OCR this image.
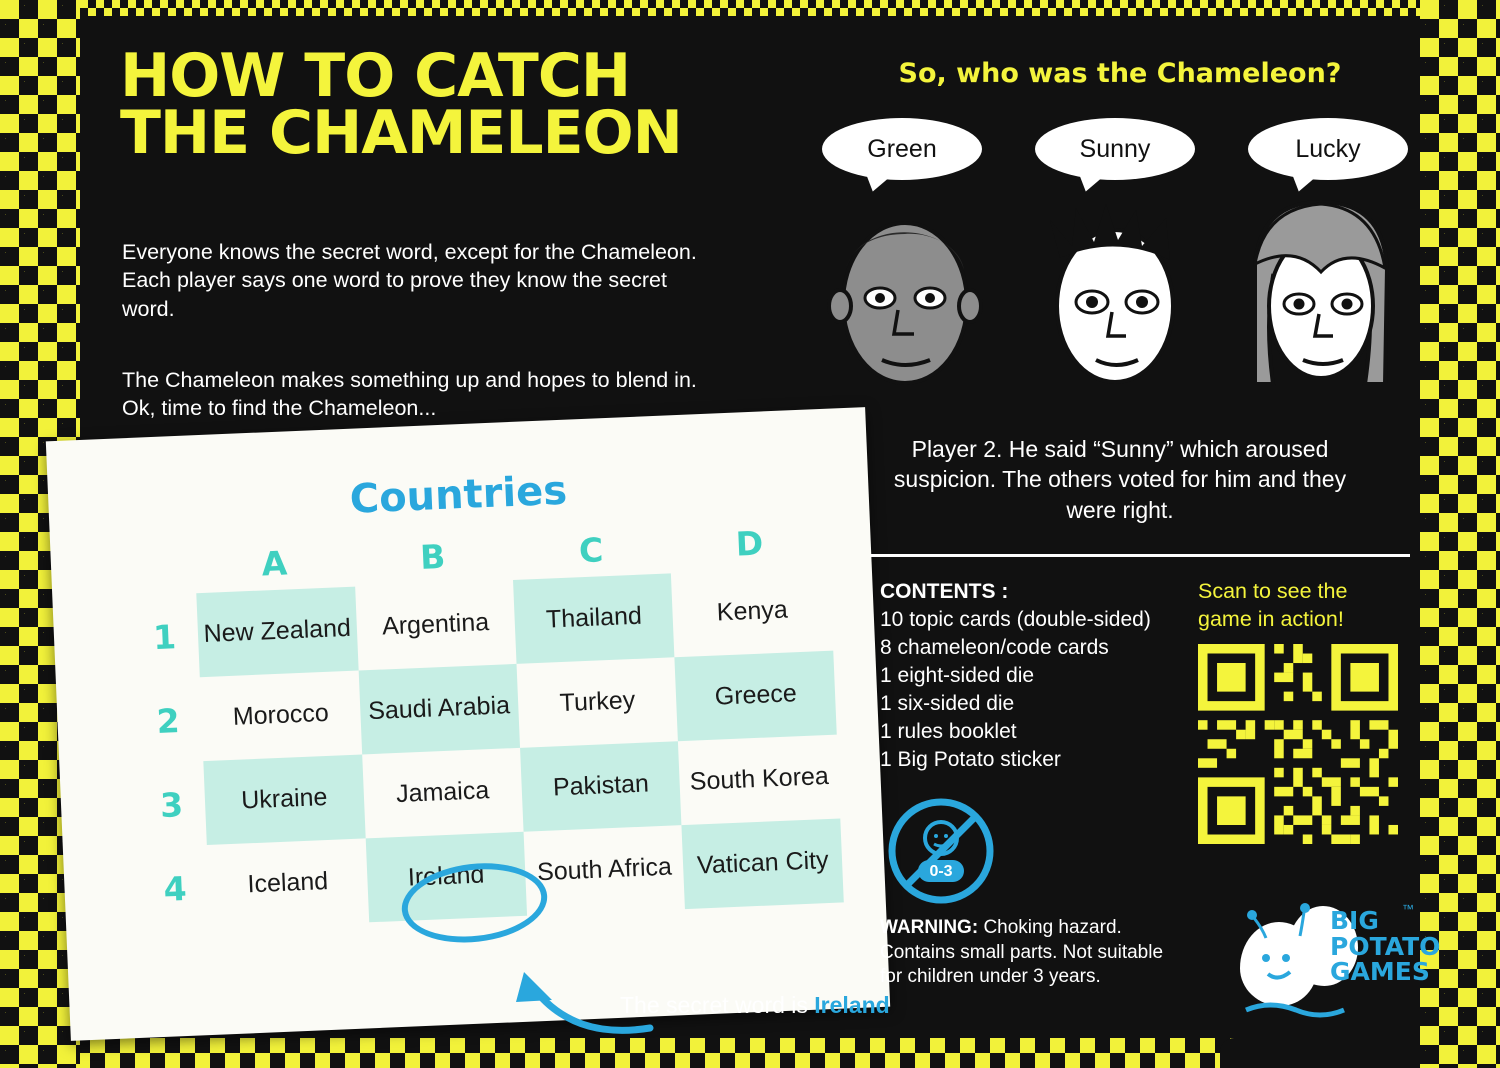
HOW TO CATCH
THE CHAMELEON
Everyone knows the secret word, except for the Chameleon. Each player says one word to prove they know the secret word.
The Chameleon makes something up and hopes to blend in. Ok, time to find the Chameleon...
Countries
	A	B	C	D
1	New Zealand	Argentina	Thailand	Kenya
2	Morocco	Saudi Arabia	Turkey	Greece
3	Ukraine	Jamaica	Pakistan	South Korea
4	Iceland	Ireland	South Africa	Vatican City
The secret word is Ireland
So, who was the Chameleon?
Green	Sunny	Lucky
Player 2. He said “Sunny” which aroused suspicion. The others voted for him and they were right.
CONTENTS :
10 topic cards (double-sided)
8 chameleon/code cards
1 eight-sided die
1 six-sided die
1 rules booklet
1 Big Potato sticker
Scan to see the
game in action!
0-3
WARNING: Choking hazard. Contains small parts. Not suitable for children under 3 years.
BIG
POTATO
GAMES
™
